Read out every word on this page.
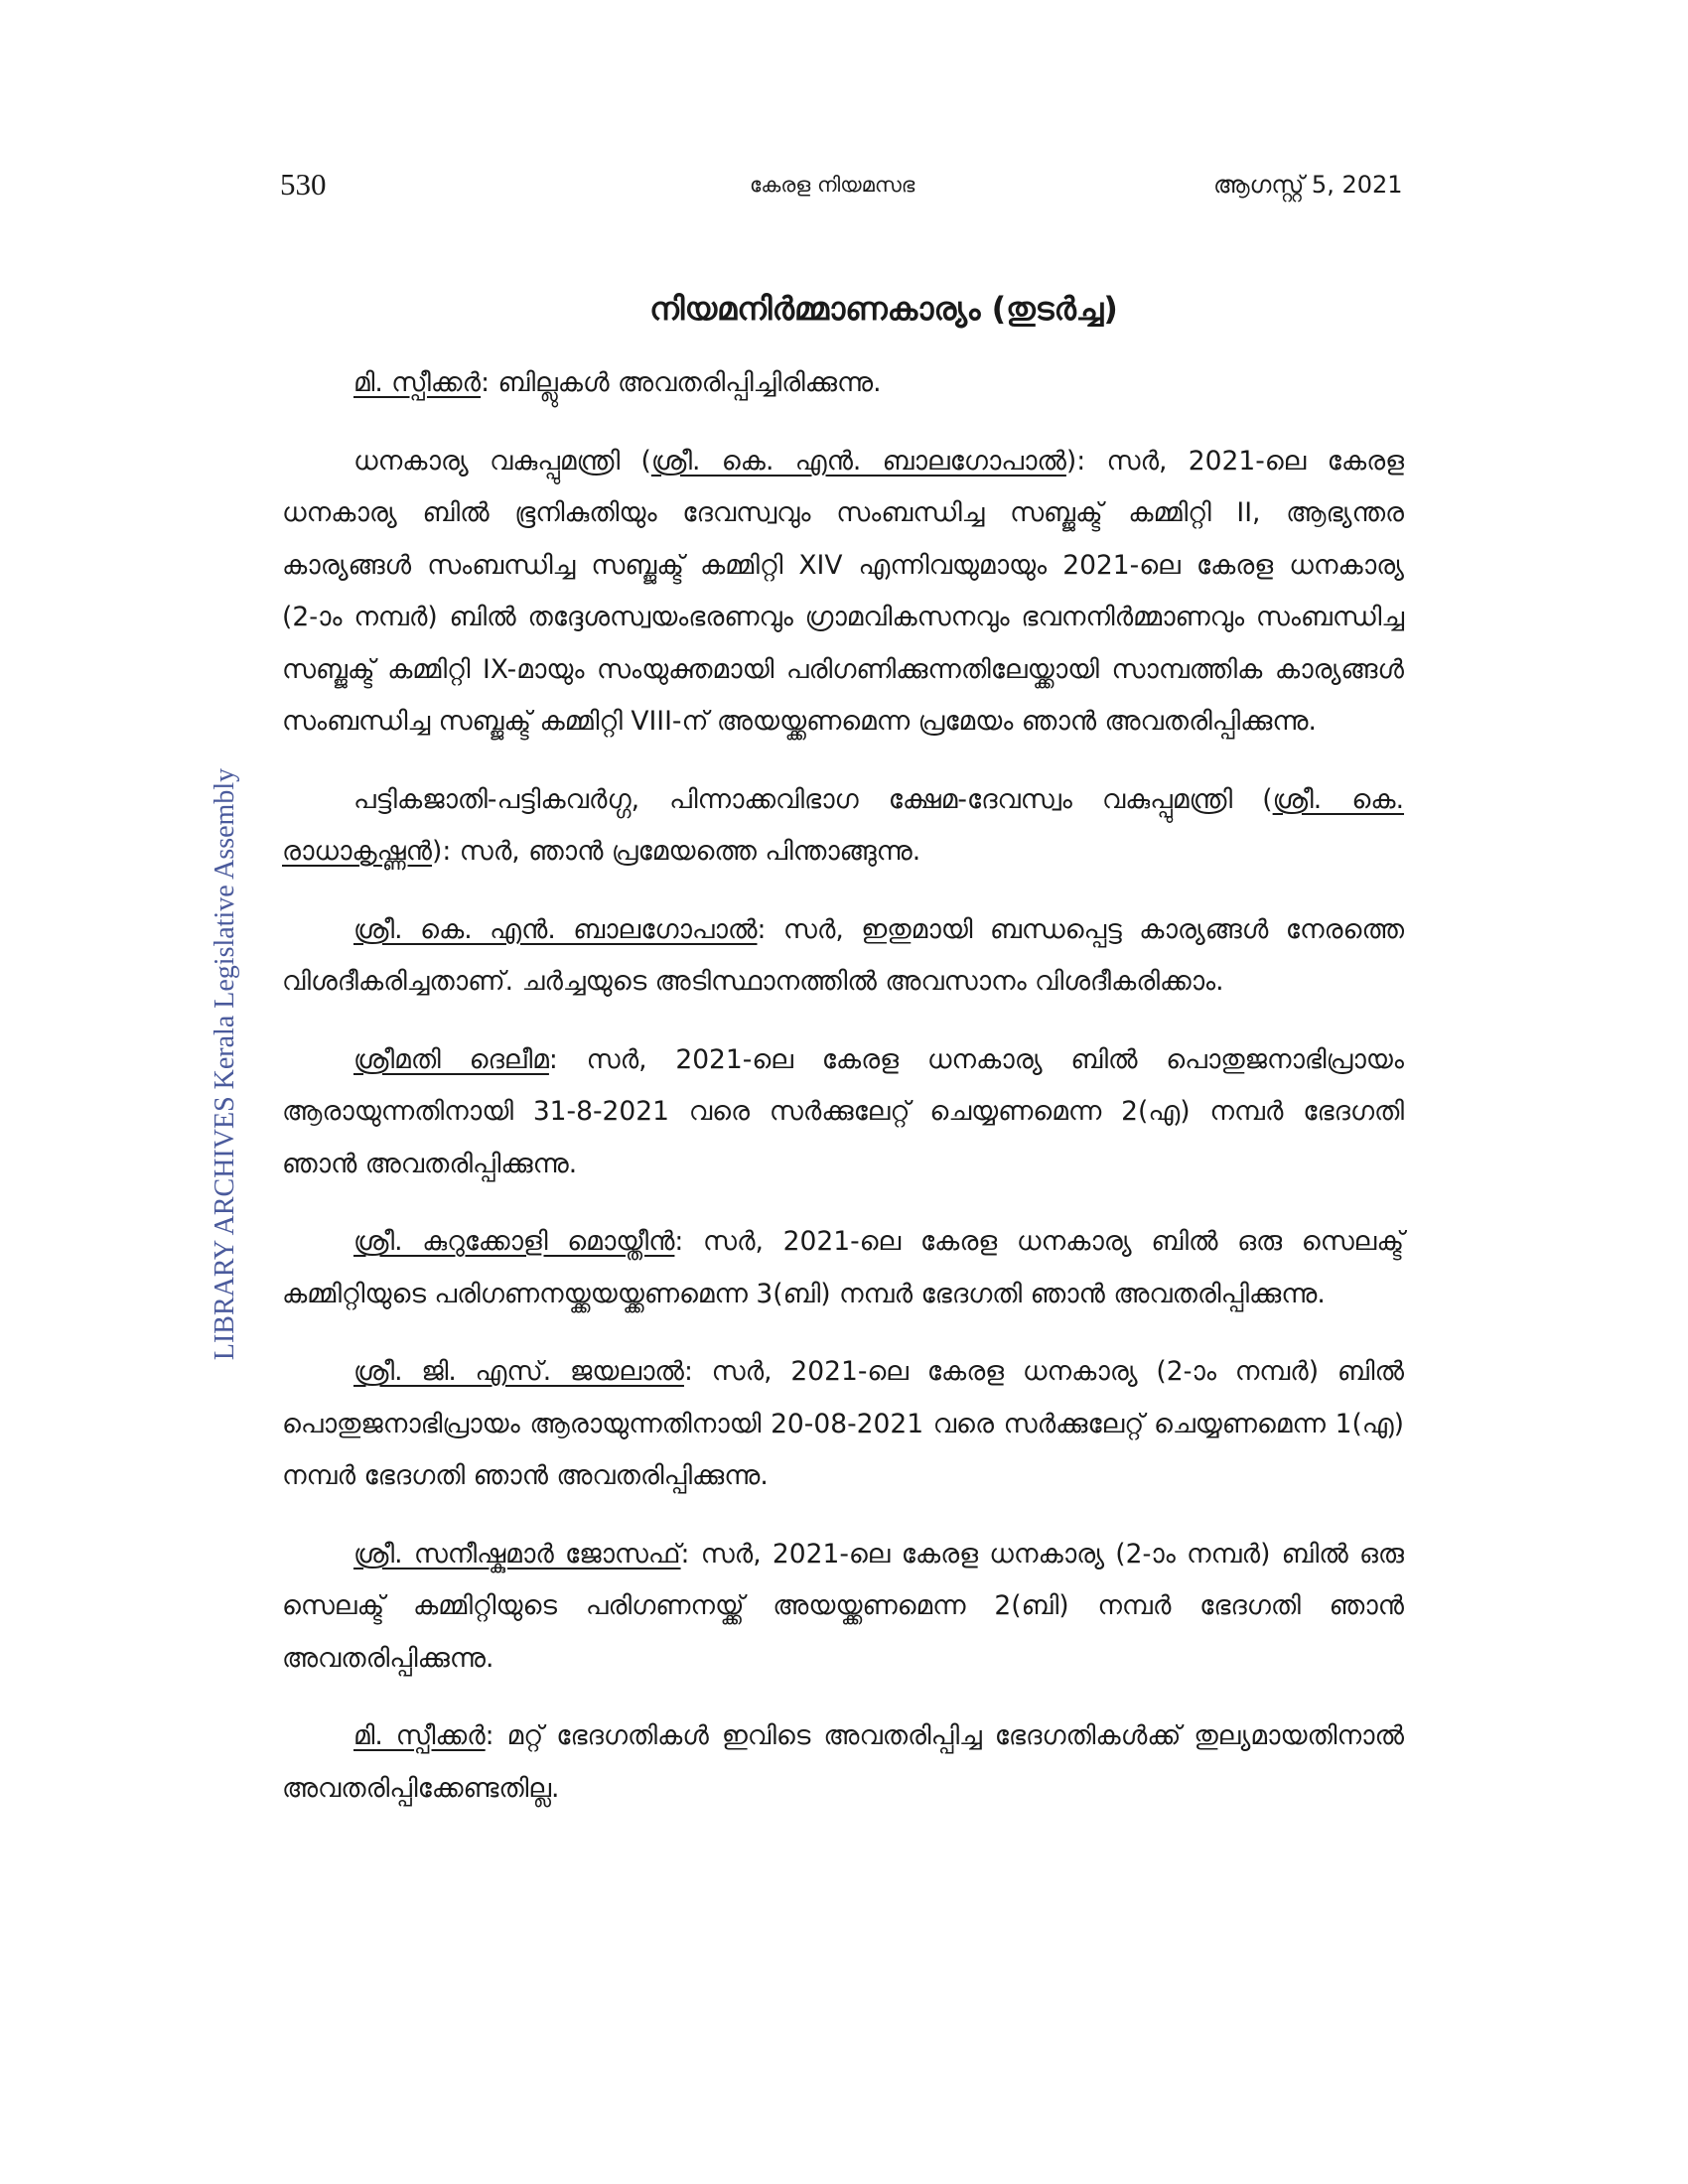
530	കേരള നിയമസഭ	ആഗസ്റ്റ് 5, 2021
നിയമനിർമ്മാണകാര്യം (തുടർച്ച)
LIBRARY ARCHIVES Kerala Legislative Assembly

മി. സ്പീക്കർ: ബില്ലുകൾ അവതരിപ്പിച്ചിരിക്കുന്നു.

ധനകാര്യ വകുപ്പുമന്ത്രി (ശ്രീ. കെ. എൻ. ബാലഗോപാൽ): സർ, 2021-ലെ കേരള ധനകാര്യ ബിൽ ഭൂനികുതിയും ദേവസ്വവും സംബന്ധിച്ച സബ്ജക്ട് കമ്മിറ്റി II, ആഭ്യന്തര കാര്യങ്ങൾ സംബന്ധിച്ച സബ്ജക്ട് കമ്മിറ്റി XIV എന്നിവയുമായും 2021-ലെ കേരള ധനകാര്യ (2-ാം നമ്പർ) ബിൽ തദ്ദേശസ്വയംഭരണവും ഗ്രാമവികസനവും ഭവനനിർമ്മാണവും സംബന്ധിച്ച സബ്ജക്ട് കമ്മിറ്റി IX-മായും സംയുക്തമായി പരിഗണിക്കുന്നതിലേയ്ക്കായി സാമ്പത്തിക കാര്യങ്ങൾ സംബന്ധിച്ച സബ്ജക്ട് കമ്മിറ്റി VIII-ന് അയയ്ക്കണമെന്ന പ്രമേയം ഞാൻ അവതരിപ്പിക്കുന്നു.

പട്ടികജാതി-പട്ടികവർഗ്ഗ, പിന്നാക്കവിഭാഗ ക്ഷേമ-ദേവസ്വം വകുപ്പുമന്ത്രി (ശ്രീ. കെ. രാധാകൃഷ്ണൻ): സർ, ഞാൻ പ്രമേയത്തെ പിന്താങ്ങുന്നു.

ശ്രീ. കെ. എൻ. ബാലഗോപാൽ: സർ, ഇതുമായി ബന്ധപ്പെട്ട കാര്യങ്ങൾ നേരത്തെ വിശദീകരിച്ചതാണ്. ചർച്ചയുടെ അടിസ്ഥാനത്തിൽ അവസാനം വിശദീകരിക്കാം.

ശ്രീമതി ദെലീമ: സർ, 2021-ലെ കേരള ധനകാര്യ ബിൽ പൊതുജനാഭിപ്രായം ആരായുന്നതിനായി 31-8-2021 വരെ സർക്കുലേറ്റ് ചെയ്യണമെന്ന 2(എ) നമ്പർ ഭേദഗതി ഞാൻ അവതരിപ്പിക്കുന്നു.

ശ്രീ. കുറുക്കോളി മൊയ്തീൻ: സർ, 2021-ലെ കേരള ധനകാര്യ ബിൽ ഒരു സെലക്ട് കമ്മിറ്റിയുടെ പരിഗണനയ്ക്കയയ്ക്കണമെന്ന 3(ബി) നമ്പർ ഭേദഗതി ഞാൻ അവതരിപ്പിക്കുന്നു.

ശ്രീ. ജി. എസ്. ജയലാൽ: സർ, 2021-ലെ കേരള ധനകാര്യ (2-ാം നമ്പർ) ബിൽ പൊതുജനാഭിപ്രായം ആരായുന്നതിനായി 20-08-2021 വരെ സർക്കുലേറ്റ് ചെയ്യണമെന്ന 1(എ) നമ്പർ ഭേദഗതി ഞാൻ അവതരിപ്പിക്കുന്നു.

ശ്രീ. സനീഷ്കുമാർ ജോസഫ്: സർ, 2021-ലെ കേരള ധനകാര്യ (2-ാം നമ്പർ) ബിൽ ഒരു സെലക്ട് കമ്മിറ്റിയുടെ പരിഗണനയ്ക്ക് അയയ്ക്കണമെന്ന 2(ബി) നമ്പർ ഭേദഗതി ഞാൻ അവതരിപ്പിക്കുന്നു.

മി. സ്പീക്കർ: മറ്റ് ഭേദഗതികൾ ഇവിടെ അവതരിപ്പിച്ച ഭേദഗതികൾക്ക് തുല്യമായതിനാൽ അവതരിപ്പിക്കേണ്ടതില്ല.
